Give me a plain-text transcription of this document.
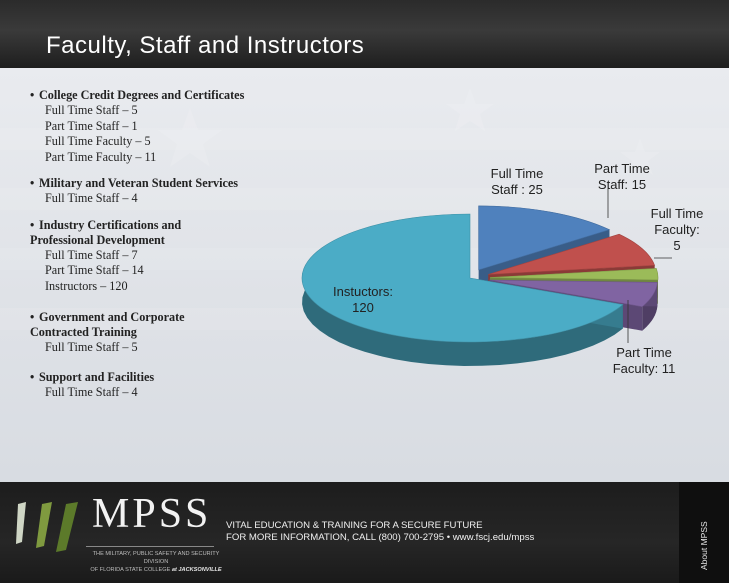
Faculty, Staff and Instructors
• College Credit Degrees and Certificates
Full Time Staff – 5
Part Time Staff – 1
Full Time Faculty – 5
Part Time Faculty – 11
• Military and Veteran Student Services
Full Time Staff – 4
• Industry Certifications and Professional Development
Full Time Staff – 7
Part Time Staff – 14
Instructors – 120
• Government and Corporate Contracted Training
Full Time Staff – 5
• Support and Facilities
Full Time Staff – 4
Full Time Staff : 25
Part Time Staff: 15
Full Time Faculty: 5
Part Time Faculty: 11
Instuctors: 120
MPSS
THE MILITARY, PUBLIC SAFETY AND SECURITY DIVISION
OF FLORIDA STATE COLLEGE at JACKSONVILLE
VITAL EDUCATION & TRAINING FOR A SECURE FUTURE
FOR MORE INFORMATION, CALL (800) 700-2795 • www.fscj.edu/mpss	About MPSS
